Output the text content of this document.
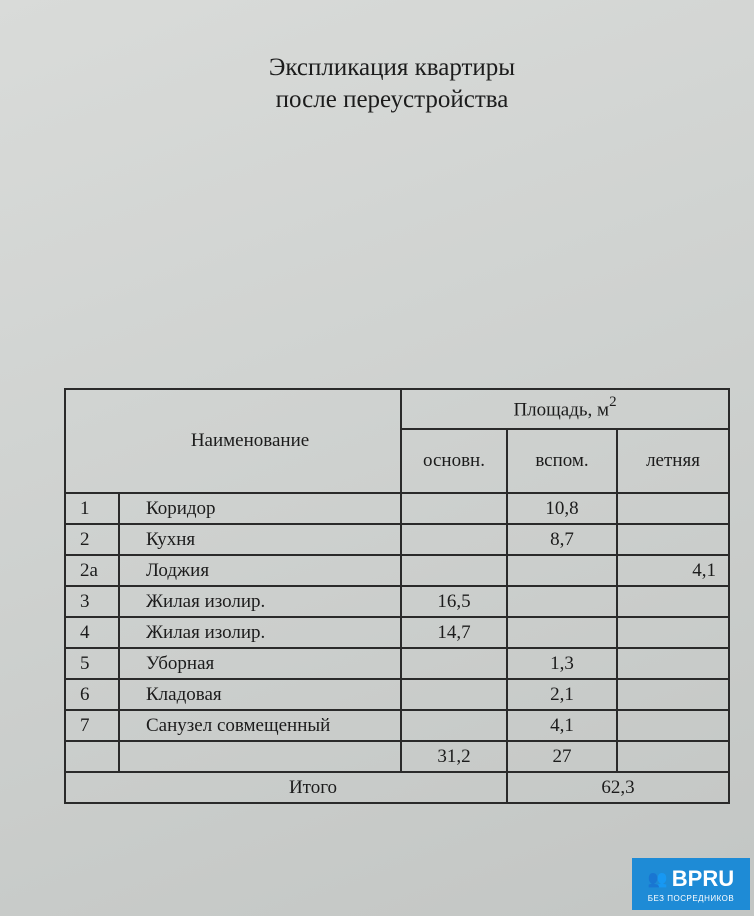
Экспликация квартиры
после переустройства
Наименование		Площадь, $м^2$
		основн.	вспом.	летняя
1	Коридор		10,8	
2	Кухня		8,7	
2а	Лоджия			4,1
3	Жилая изолир.	16,5		
4	Жилая изолир.	14,7		
5	Уборная		1,3	
6	Кладовая		2,1	
7	Санузел совмещенный		4,1	
		31,2	27	
Итого			62,3	
👥 BPRU
БЕЗ ПОСРЕДНИКОВ
